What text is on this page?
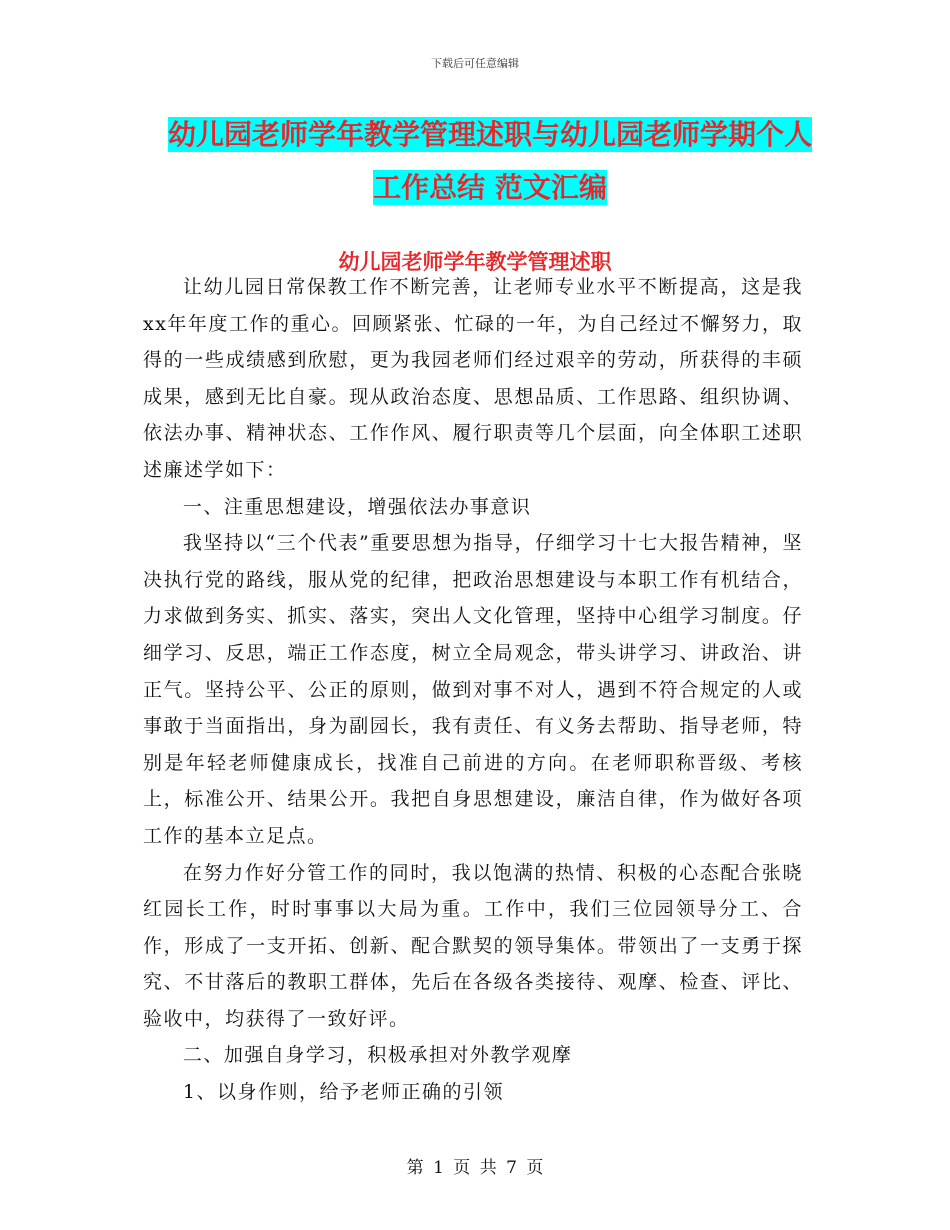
下载后可任意编辑
幼儿园老师学年教学管理述职与幼儿园老师学期个人
工作总结 范文汇编
幼儿园老师学年教学管理述职

让幼儿园日常保教工作不断完善，让老师专业水平不断提高，这是我xx年年度工作的重心。回顾紧张、忙碌的一年，为自己经过不懈努力，取得的一些成绩感到欣慰，更为我园老师们经过艰辛的劳动，所获得的丰硕成果，感到无比自豪。现从政治态度、思想品质、工作思路、组织协调、依法办事、精神状态、工作作风、履行职责等几个层面，向全体职工述职述廉述学如下：

一、注重思想建设，增强依法办事意识

我坚持以“三个代表”重要思想为指导，仔细学习十七大报告精神，坚决执行党的路线，服从党的纪律，把政治思想建设与本职工作有机结合，力求做到务实、抓实、落实，突出人文化管理，坚持中心组学习制度。仔细学习、反思，端正工作态度，树立全局观念，带头讲学习、讲政治、讲正气。坚持公平、公正的原则，做到对事不对人，遇到不符合规定的人或事敢于当面指出，身为副园长，我有责任、有义务去帮助、指导老师，特别是年轻老师健康成长，找准自己前进的方向。在老师职称晋级、考核上，标准公开、结果公开。我把自身思想建设，廉洁自律，作为做好各项工作的基本立足点。

在努力作好分管工作的同时，我以饱满的热情、积极的心态配合张晓红园长工作，时时事事以大局为重。工作中，我们三位园领导分工、合作，形成了一支开拓、创新、配合默契的领导集体。带领出了一支勇于探究、不甘落后的教职工群体，先后在各级各类接待、观摩、检查、评比、验收中，均获得了一致好评。

二、加强自身学习，积极承担对外教学观摩

1、以身作则，给予老师正确的引领

第 1 页 共 7 页
